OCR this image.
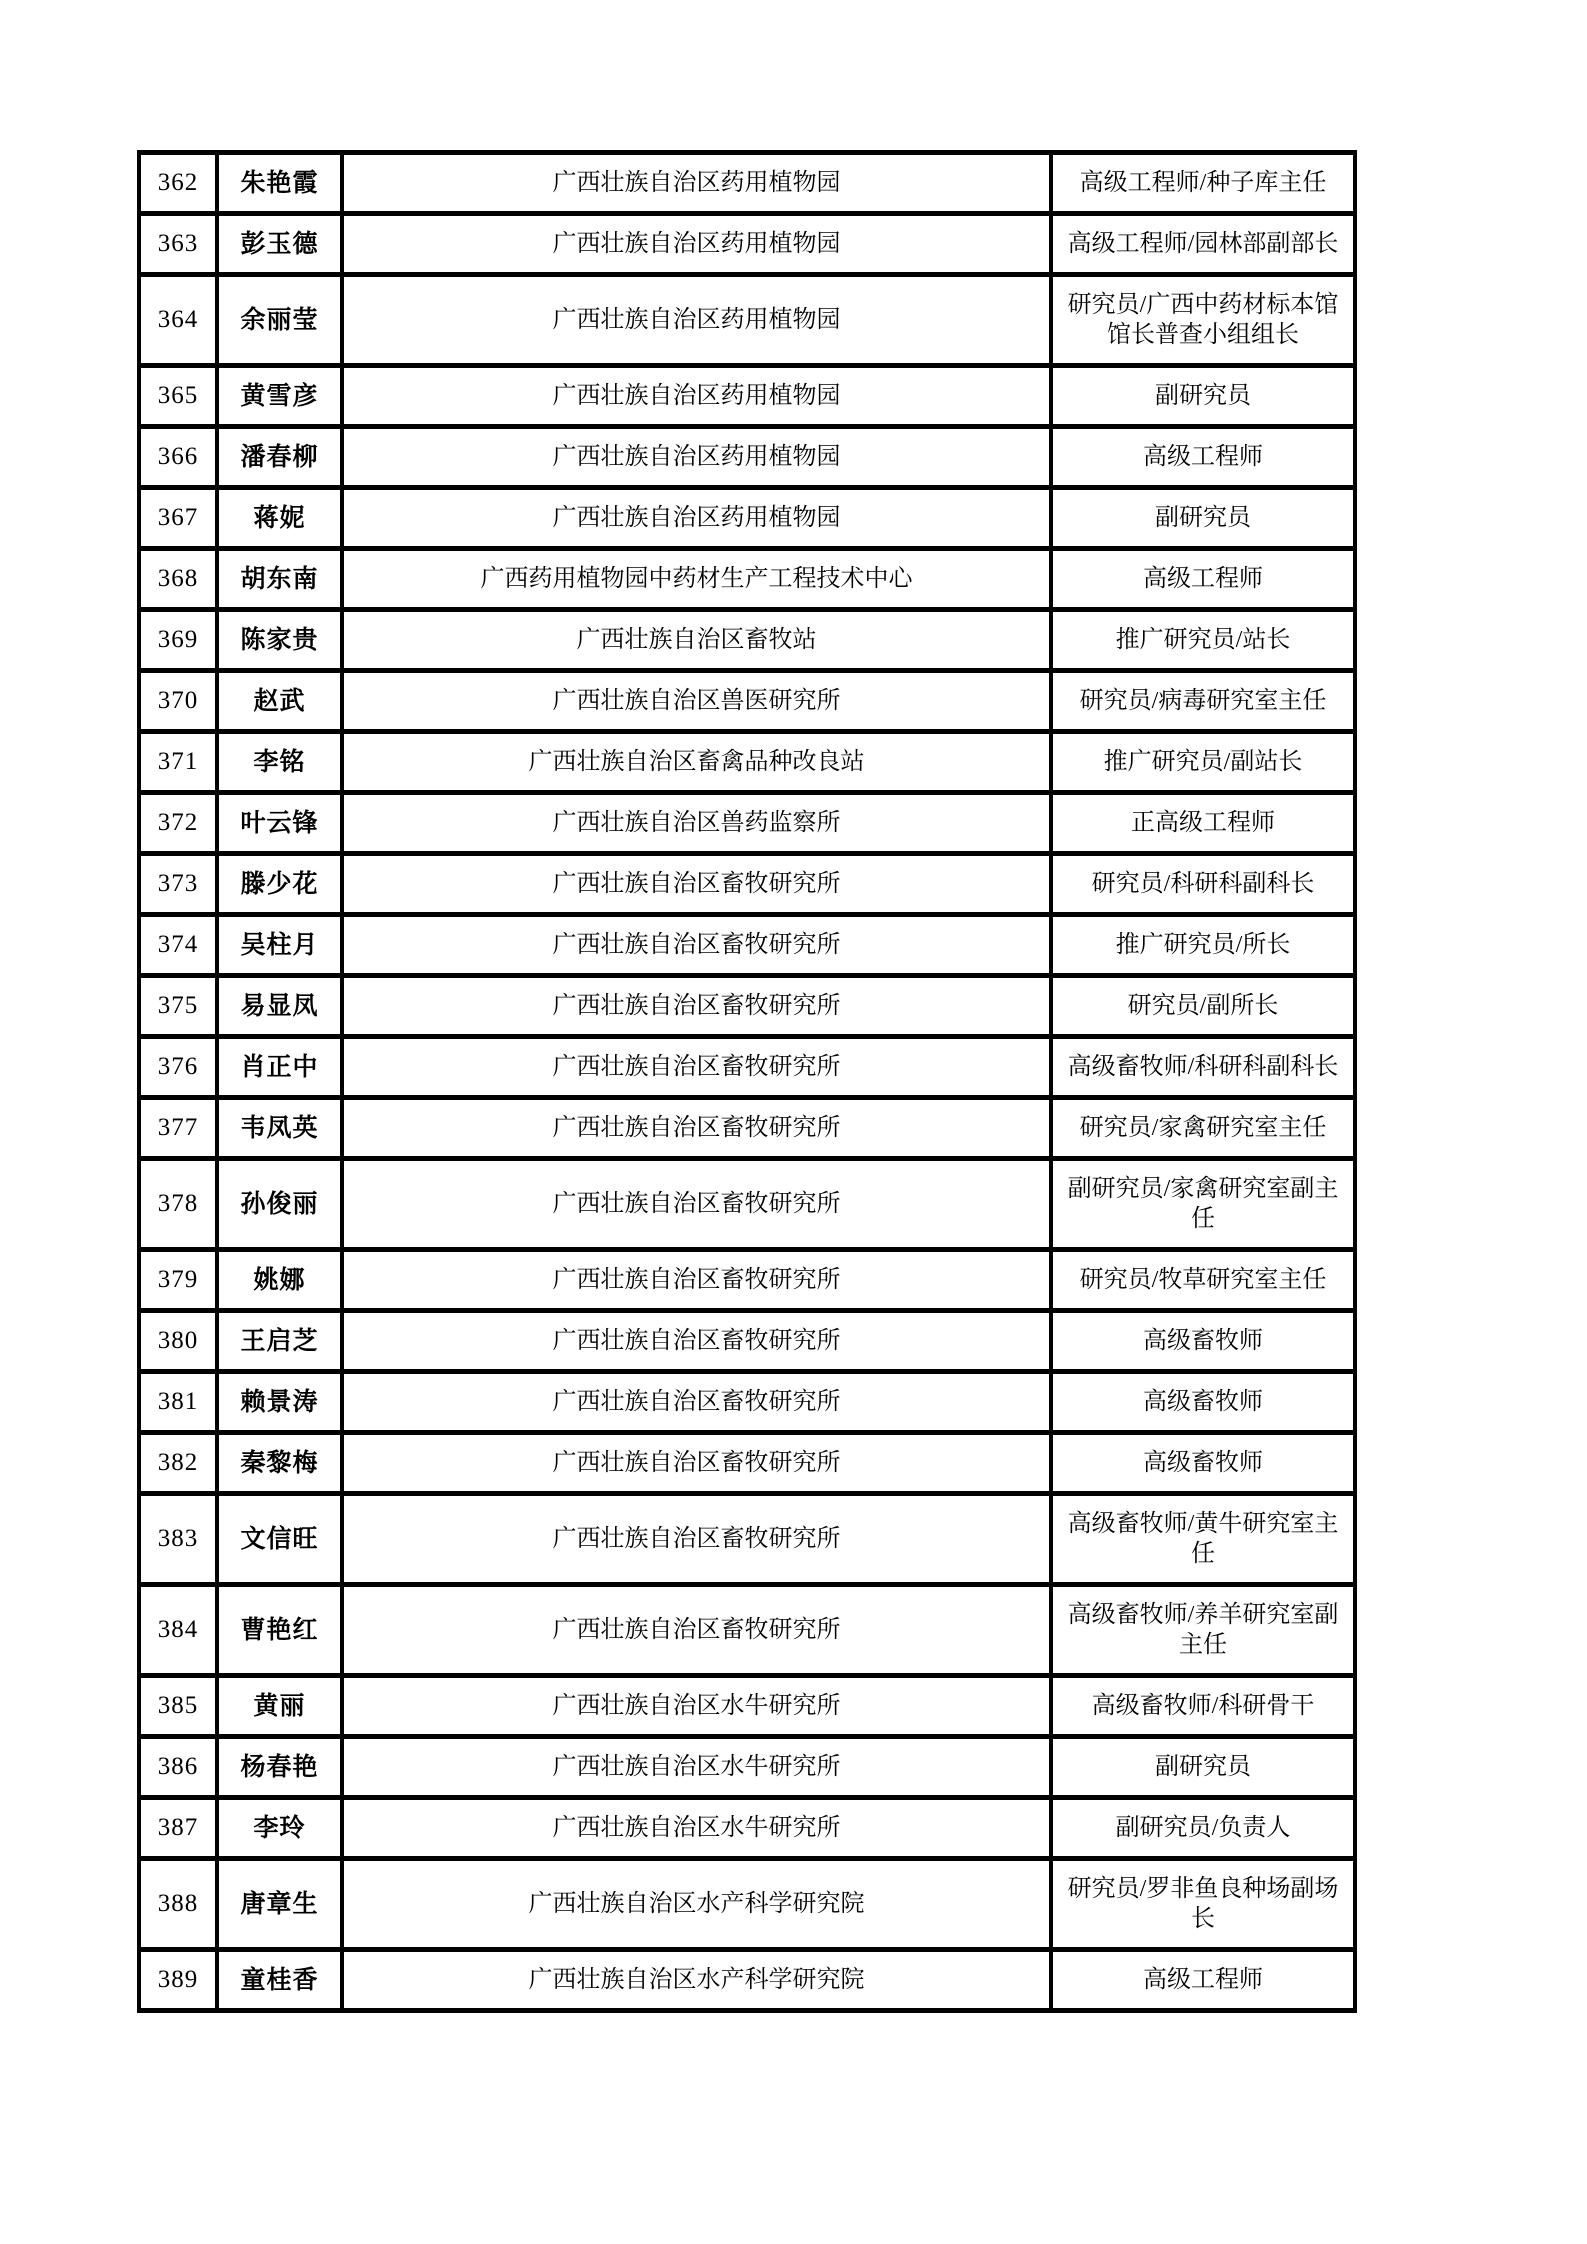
362	朱艳霞	广西壮族自治区药用植物园	高级工程师/种子库主任
363	彭玉德	广西壮族自治区药用植物园	高级工程师/园林部副部长
364	余丽莹	广西壮族自治区药用植物园	研究员/广西中药材标本馆馆长普查小组组长
365	黄雪彦	广西壮族自治区药用植物园	副研究员
366	潘春柳	广西壮族自治区药用植物园	高级工程师
367	蒋妮	广西壮族自治区药用植物园	副研究员
368	胡东南	广西药用植物园中药材生产工程技术中心	高级工程师
369	陈家贵	广西壮族自治区畜牧站	推广研究员/站长
370	赵武	广西壮族自治区兽医研究所	研究员/病毒研究室主任
371	李铭	广西壮族自治区畜禽品种改良站	推广研究员/副站长
372	叶云锋	广西壮族自治区兽药监察所	正高级工程师
373	滕少花	广西壮族自治区畜牧研究所	研究员/科研科副科长
374	吴柱月	广西壮族自治区畜牧研究所	推广研究员/所长
375	易显凤	广西壮族自治区畜牧研究所	研究员/副所长
376	肖正中	广西壮族自治区畜牧研究所	高级畜牧师/科研科副科长
377	韦凤英	广西壮族自治区畜牧研究所	研究员/家禽研究室主任
378	孙俊丽	广西壮族自治区畜牧研究所	副研究员/家禽研究室副主任
379	姚娜	广西壮族自治区畜牧研究所	研究员/牧草研究室主任
380	王启芝	广西壮族自治区畜牧研究所	高级畜牧师
381	赖景涛	广西壮族自治区畜牧研究所	高级畜牧师
382	秦黎梅	广西壮族自治区畜牧研究所	高级畜牧师
383	文信旺	广西壮族自治区畜牧研究所	高级畜牧师/黄牛研究室主任
384	曹艳红	广西壮族自治区畜牧研究所	高级畜牧师/养羊研究室副主任
385	黄丽	广西壮族自治区水牛研究所	高级畜牧师/科研骨干
386	杨春艳	广西壮族自治区水牛研究所	副研究员
387	李玲	广西壮族自治区水牛研究所	副研究员/负责人
388	唐章生	广西壮族自治区水产科学研究院	研究员/罗非鱼良种场副场长
389	童桂香	广西壮族自治区水产科学研究院	高级工程师
